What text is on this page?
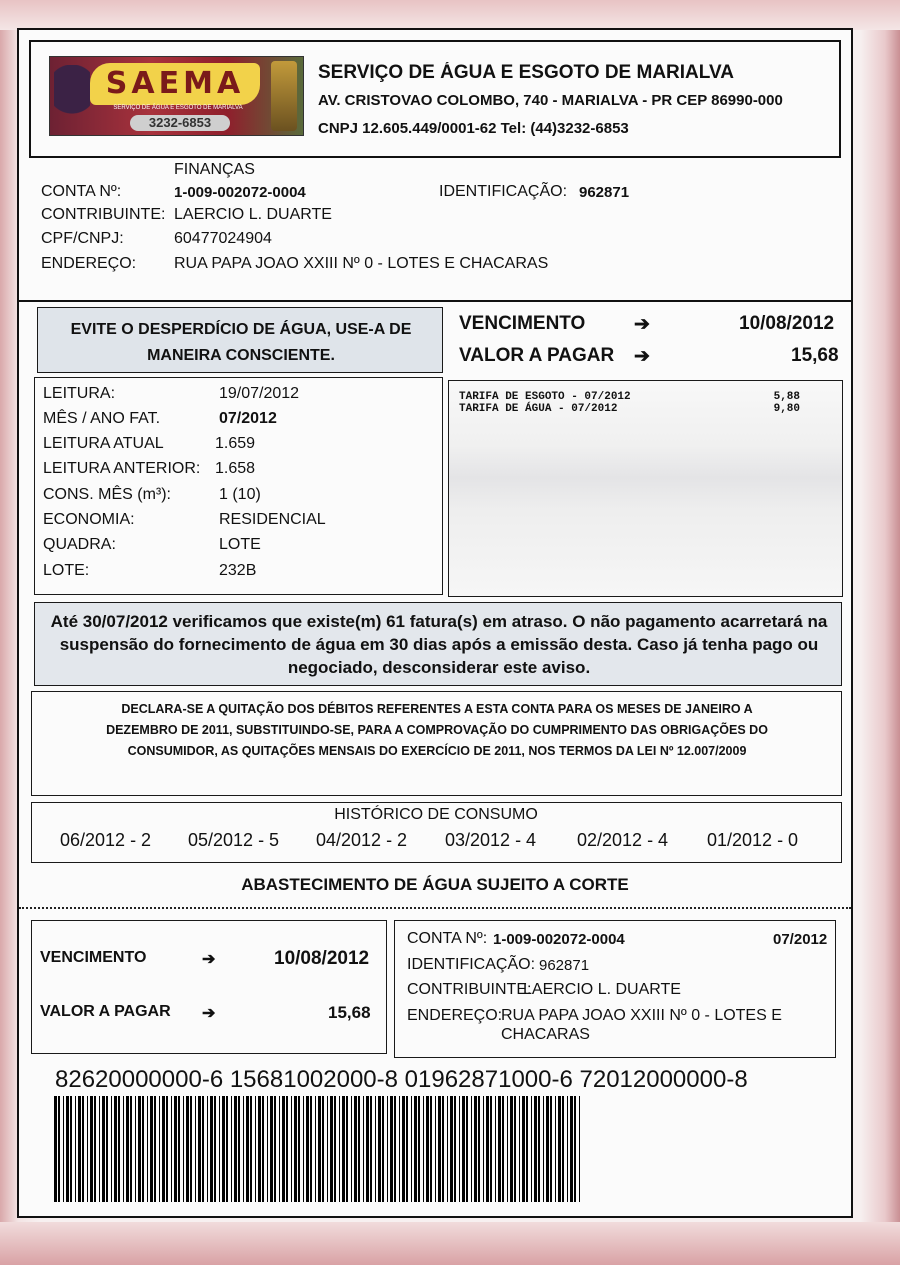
SAEMA
SERVIÇO DE ÁGUA E ESGOTO DE MARIALVA
3232-6853
SERVIÇO DE ÁGUA E ESGOTO DE MARIALVA
AV. CRISTOVAO COLOMBO, 740 - MARIALVA - PR CEP 86990-000
CNPJ 12.605.449/0001-62 Tel: (44)3232-6853
FINANÇAS
CONTA Nº:	1-009-002072-0004	IDENTIFICAÇÃO: 962871
CONTRIBUINTE: LAERCIO L. DUARTE
CPF/CNPJ:	60477024904
ENDEREÇO: RUA PAPA JOAO XXIII Nº 0 - LOTES E CHACARAS
EVITE O DESPERDÍCIO DE ÁGUA, USE-A DE MANEIRA CONSCIENTE.
VENCIMENTO	➔	10/08/2012
VALOR A PAGAR ➔	15,68
LEITURA:	19/07/2012
MÊS / ANO FAT.	07/2012
LEITURA ATUAL	1.659
LEITURA ANTERIOR: 1.658
CONS. MÊS (m³):	1 (10)
ECONOMIA:	RESIDENCIAL
QUADRA:	LOTE
LOTE:	232B
TARIFA DE ESGOTO - 07/2012	5,88
TARIFA DE ÁGUA - 07/2012	9,80
Até 30/07/2012 verificamos que existe(m) 61 fatura(s) em atraso. O não pagamento acarretará na suspensão do fornecimento de água em 30 dias após a emissão desta. Caso já tenha pago ou negociado, desconsiderar este aviso.
DECLARA-SE A QUITAÇÃO DOS DÉBITOS REFERENTES A ESTA CONTA PARA OS MESES DE JANEIRO A DEZEMBRO DE 2011, SUBSTITUINDO-SE, PARA A COMPROVAÇÃO DO CUMPRIMENTO DAS OBRIGAÇÕES DO CONSUMIDOR, AS QUITAÇÕES MENSAIS DO EXERCÍCIO DE 2011, NOS TERMOS DA LEI Nº 12.007/2009
HISTÓRICO DE CONSUMO
06/2012 - 2 05/2012 - 5 04/2012 - 2 03/2012 - 4 02/2012 - 4 01/2012 - 0
ABASTECIMENTO DE ÁGUA SUJEITO A CORTE
VENCIMENTO	➔	10/08/2012
VALOR A PAGAR ➔	15,68
CONTA Nº: 1-009-002072-0004	07/2012
IDENTIFICAÇÃO: 962871
CONTRIBUINTE:
LAERCIO L. DUARTE
ENDEREÇO:
RUA PAPA JOAO XXIII Nº 0 - LOTES E
CHACARAS
82620000000-6 15681002000-8 01962871000-6 72012000000-8
